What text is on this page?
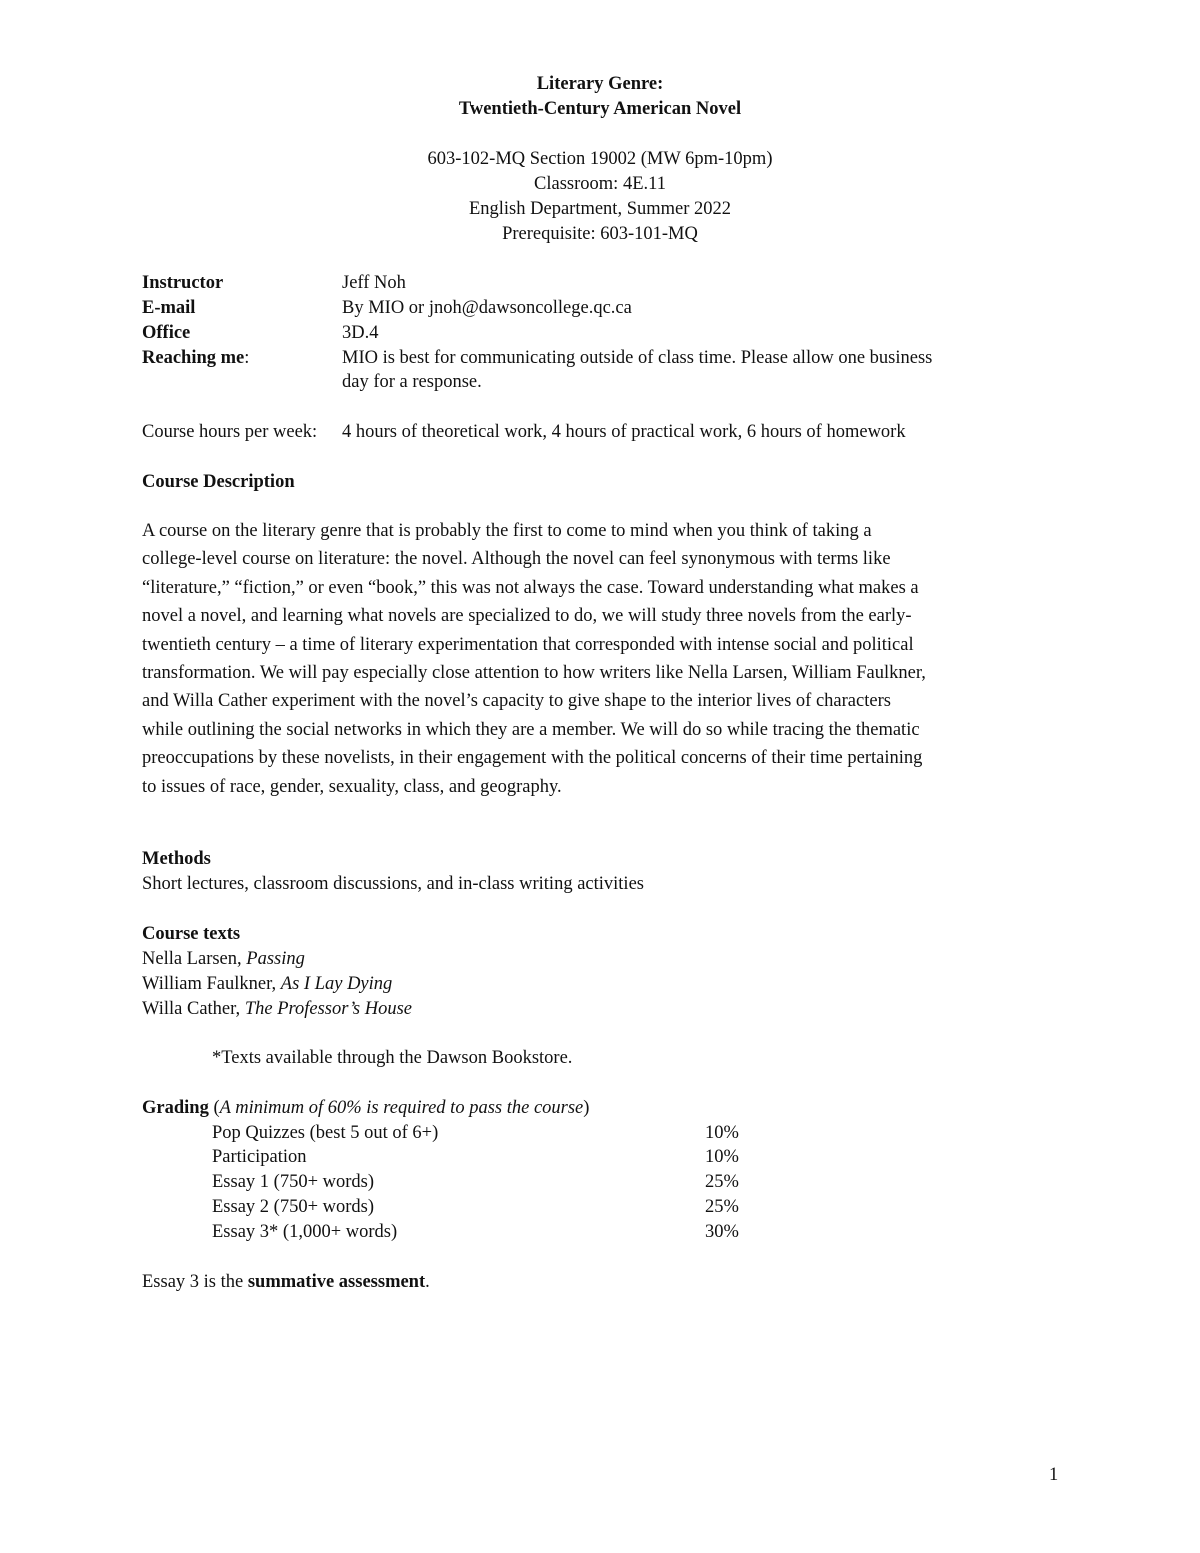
Literary Genre:
Twentieth-Century American Novel
603-102-MQ Section 19002 (MW 6pm-10pm)
Classroom: 4E.11
English Department, Summer 2022
Prerequisite: 603-101-MQ
Instructor	Jeff Noh
E-mail	By MIO or jnoh@dawsoncollege.qc.ca
Office	3D.4
Reaching me:	MIO is best for communicating outside of class time. Please allow one business
day for a response.
Course hours per week: 4 hours of theoretical work, 4 hours of practical work, 6 hours of homework
Course Description
A course on the literary genre that is probably the first to come to mind when you think of taking a
college-level course on literature: the novel. Although the novel can feel synonymous with terms like
“literature,” “fiction,” or even “book,” this was not always the case. Toward understanding what makes a
novel a novel, and learning what novels are specialized to do, we will study three novels from the early-
twentieth century – a time of literary experimentation that corresponded with intense social and political
transformation. We will pay especially close attention to how writers like Nella Larsen, William Faulkner,
and Willa Cather experiment with the novel’s capacity to give shape to the interior lives of characters
while outlining the social networks in which they are a member. We will do so while tracing the thematic
preoccupations by these novelists, in their engagement with the political concerns of their time pertaining
to issues of race, gender, sexuality, class, and geography.
Methods
Short lectures, classroom discussions, and in-class writing activities
Course texts
Nella Larsen, Passing
William Faulkner, As I Lay Dying
Willa Cather, The Professor’s House
*Texts available through the Dawson Bookstore.
Grading (A minimum of 60% is required to pass the course)
Pop Quizzes (best 5 out of 6+)	10%
Participation	10%
Essay 1 (750+ words)	25%
Essay 2 (750+ words)	25%
Essay 3* (1,000+ words)	30%
Essay 3 is the summative assessment.
1
